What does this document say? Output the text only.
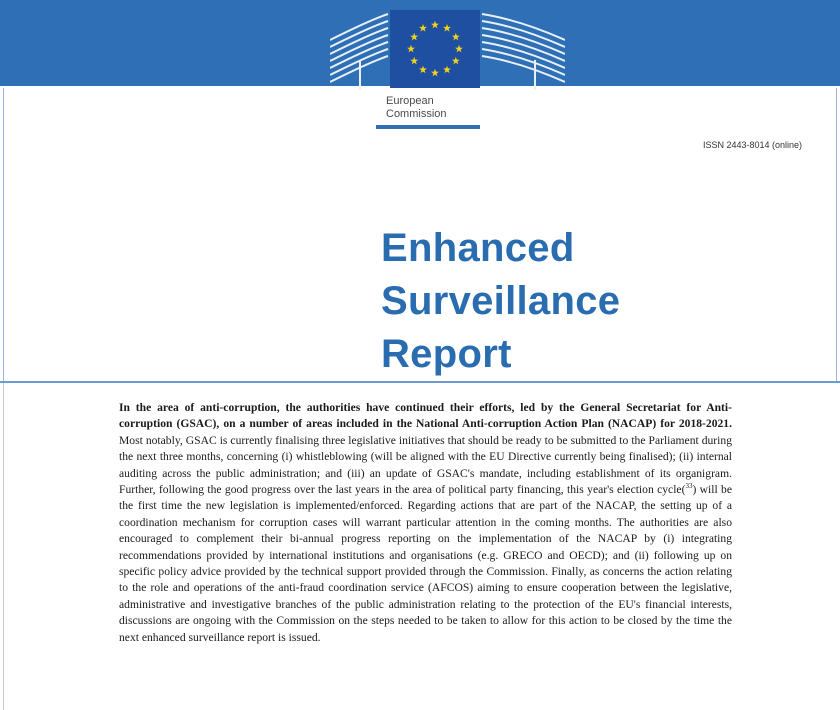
European
Commission
ISSN 2443-8014 (online)
Enhanced
Surveillance
Report
In the area of anti-corruption, the authorities have continued their efforts, led by the General Secretariat for Anti-corruption (GSAC), on a number of areas included in the National Anti-corruption Action Plan (NACAP) for 2018-2021. Most notably, GSAC is currently finalising three legislative initiatives that should be ready to be submitted to the Parliament during the next three months, concerning (i) whistleblowing (will be aligned with the EU Directive currently being finalised); (ii) internal auditing across the public administration; and (iii) an update of GSAC's mandate, including establishment of its organigram. Further, following the good progress over the last years in the area of political party financing, this year's election cycle($^{33}$) will be the first time the new legislation is implemented/enforced. Regarding actions that are part of the NACAP, the setting up of a coordination mechanism for corruption cases will warrant particular attention in the coming months. The authorities are also encouraged to complement their bi-annual progress reporting on the implementation of the NACAP by (i) integrating recommendations provided by international institutions and organisations (e.g. GRECO and OECD); and (ii) following up on specific policy advice provided by the technical support provided through the Commission. Finally, as concerns the action relating to the role and operations of the anti-fraud coordination service (AFCOS) aiming to ensure cooperation between the legislative, administrative and investigative branches of the public administration relating to the protection of the EU's financial interests, discussions are ongoing with the Commission on the steps needed to be taken to allow for this action to be closed by the time the next enhanced surveillance report is issued.
